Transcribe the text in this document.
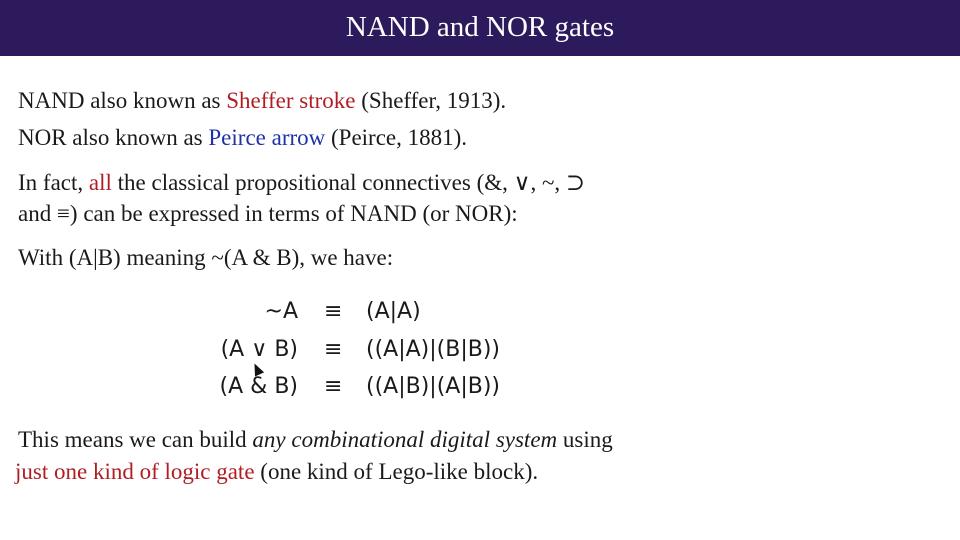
NAND and NOR gates
NAND also known as Sheffer stroke (Sheffer, 1913).
NOR also known as Peirce arrow (Peirce, 1881).
In fact, all the classical propositional connectives (&, ∨, ~, ⊃
and ≡) can be expressed in terms of NAND (or NOR):
With (A|B) meaning ~(A & B), we have:
~A ≡ (A|A)
(A ∨ B) ≡ ((A|A)|(B|B))
(A & B) ≡ ((A|B)|(A|B))
This means we can build any combinational digital system using
just one kind of logic gate (one kind of Lego-like block).
